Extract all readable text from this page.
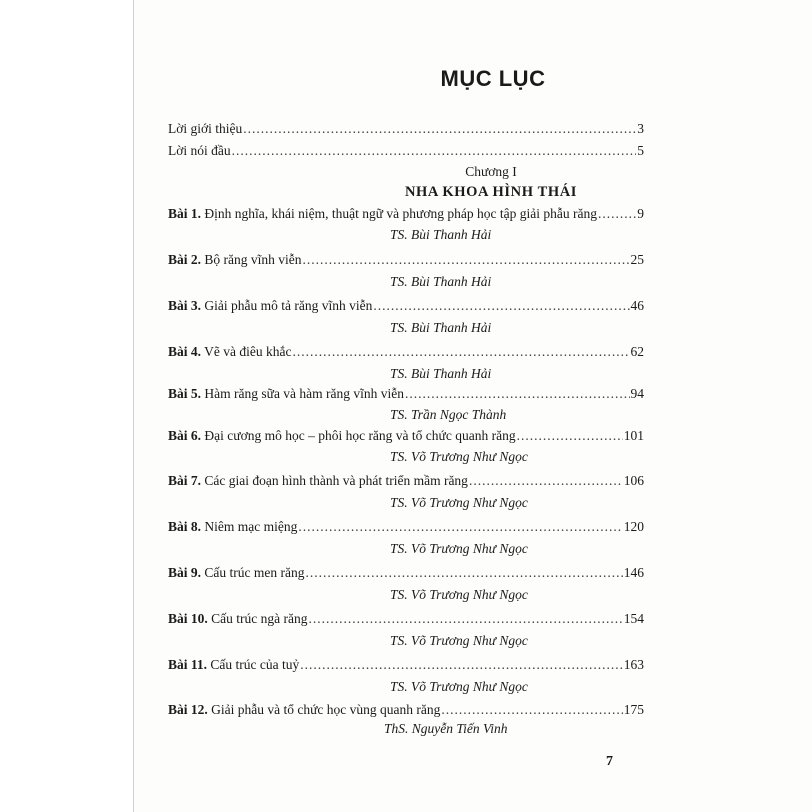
MỤC LỤC
Lời giới thiệu .....	3
Lời nói đầu .....	5
Chương I
NHA KHOA HÌNH THÁI
Bài 1. Định nghĩa, khái niệm, thuật ngữ và phương pháp học tập giải phẫu răng .....	9
TS. Bùi Thanh Hải
Bài 2. Bộ răng vĩnh viễn .....	25
TS. Bùi Thanh Hải
Bài 3. Giải phẫu mô tả răng vĩnh viễn .....	46
TS. Bùi Thanh Hải
Bài 4. Vẽ và điêu khắc .....	62
TS. Bùi Thanh Hải
Bài 5. Hàm răng sữa và hàm răng vĩnh viễn .....	94
TS. Trần Ngọc Thành
Bài 6. Đại cương mô học – phôi học răng và tổ chức quanh răng .....	101
TS. Võ Trương Như Ngọc
Bài 7. Các giai đoạn hình thành và phát triển mầm răng .....	106
TS. Võ Trương Như Ngọc
Bài 8. Niêm mạc miệng .....	120
TS. Võ Trương Như Ngọc
Bài 9. Cấu trúc men răng .....	146
TS. Võ Trương Như Ngọc
Bài 10. Cấu trúc ngà răng .....	154
TS. Võ Trương Như Ngọc
Bài 11. Cấu trúc của tuỷ .....	163
TS. Võ Trương Như Ngọc
Bài 12. Giải phẫu và tổ chức học vùng quanh răng .....	175
ThS. Nguyễn Tiến Vinh
7
